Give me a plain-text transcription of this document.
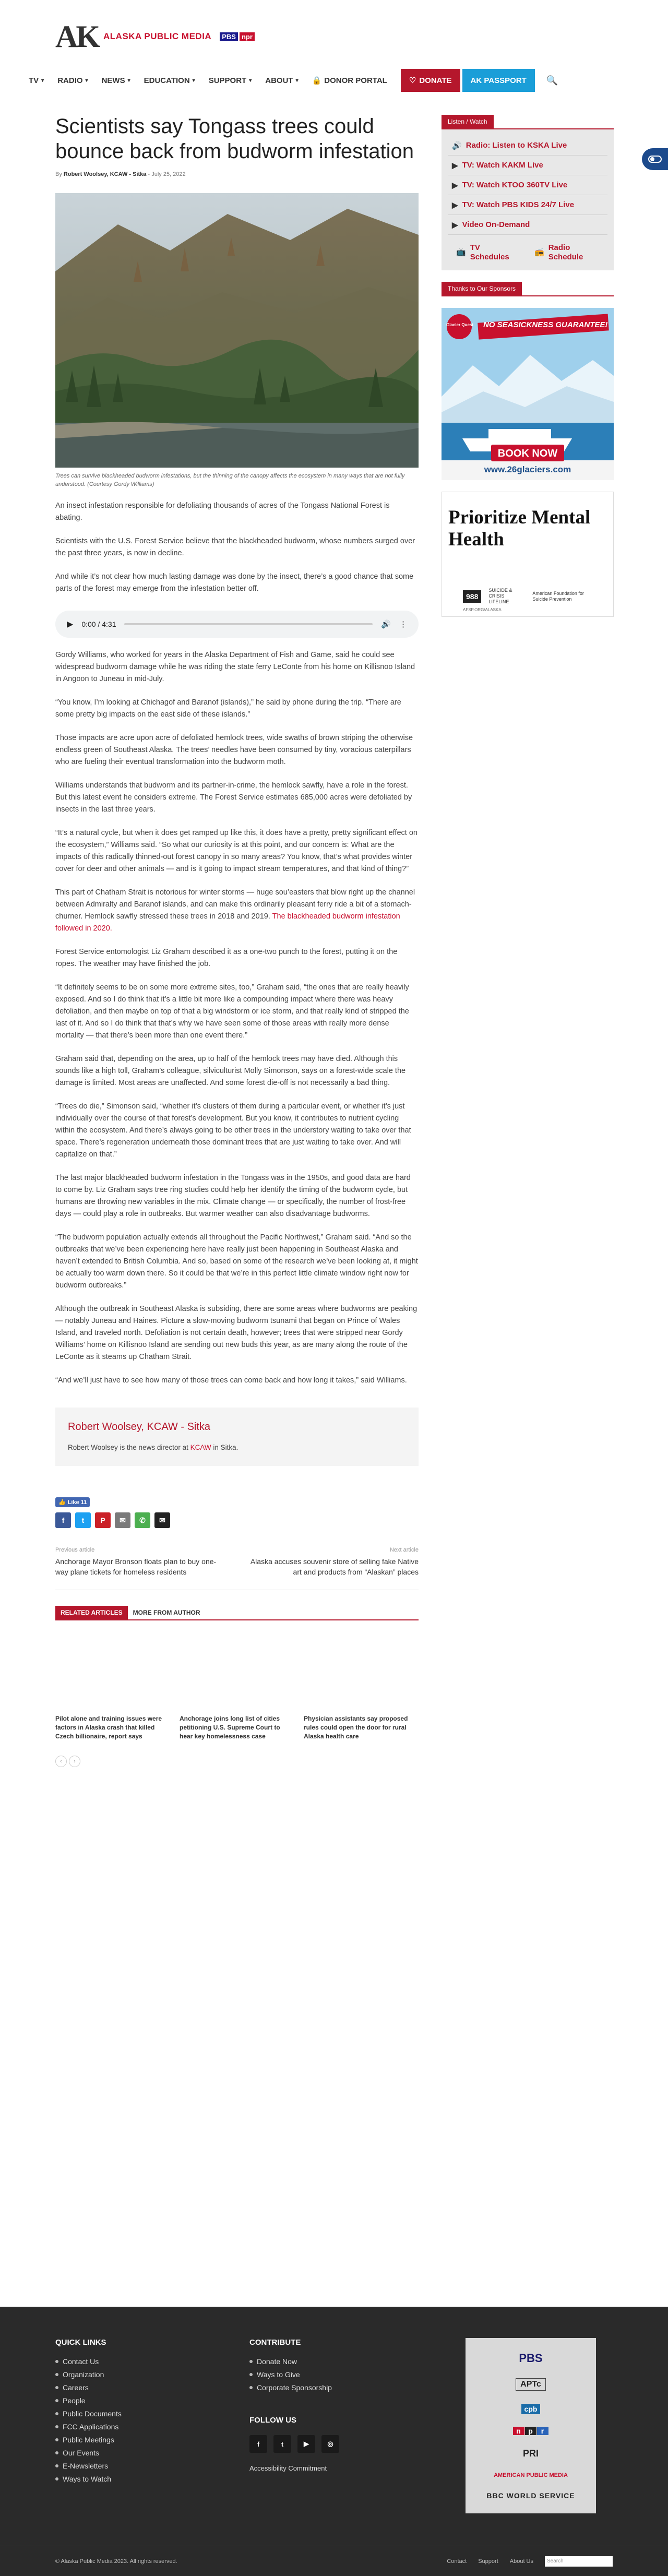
AK ALASKA PUBLIC MEDIA	PBS npr
TV ▾ RADIO ▾ NEWS ▾ EDUCATION ▾ SUPPORT ▾ ABOUT ▾ 🔒 DONOR PORTAL	♡ DONATE	AK PASSPORT	🔍
Scientists say Tongass trees could bounce back from budworm infestation
By Robert Woolsey, KCAW - Sitka - July 25, 2022

Trees can survive blackheaded budworm infestations, but the thinning of the canopy affects the ecosystem in many ways that are not fully understood. (Courtesy Gordy Williams)

An insect infestation responsible for defoliating thousands of acres of the Tongass National Forest is abating.

Scientists with the U.S. Forest Service believe that the blackheaded budworm, whose numbers surged over the past three years, is now in decline.

And while it’s not clear how much lasting damage was done by the insect, there’s a good chance that some parts of the forest may emerge from the infestation better off.

▶ 0:00 / 4:31	🔊 ⋮

Gordy Williams, who worked for years in the Alaska Department of Fish and Game, said he could see widespread budworm damage while he was riding the state ferry LeConte from his home on Killisnoo Island in Angoon to Juneau in mid-July.

“You know, I’m looking at Chichagof and Baranof (islands),” he said by phone during the trip. “There are some pretty big impacts on the east side of these islands.”

Those impacts are acre upon acre of defoliated hemlock trees, wide swaths of brown striping the otherwise endless green of Southeast Alaska. The trees’ needles have been consumed by tiny, voracious caterpillars who are fueling their eventual transformation into the budworm moth.

Williams understands that budworm and its partner-in-crime, the hemlock sawfly, have a role in the forest. But this latest event he considers extreme. The Forest Service estimates 685,000 acres were defoliated by insects in the last three years.

“It’s a natural cycle, but when it does get ramped up like this, it does have a pretty, pretty significant effect on the ecosystem,” Williams said. “So what our curiosity is at this point, and our concern is: What are the impacts of this radically thinned-out forest canopy in so many areas? You know, that’s what provides winter cover for deer and other animals — and is it going to impact stream temperatures, and that kind of thing?”

This part of Chatham Strait is notorious for winter storms — huge sou’easters that blow right up the channel between Admiralty and Baranof islands, and can make this ordinarily pleasant ferry ride a bit of a stomach-churner. Hemlock sawfly stressed these trees in 2018 and 2019. The blackheaded budworm infestation followed in 2020.

Forest Service entomologist Liz Graham described it as a one-two punch to the forest, putting it on the ropes. The weather may have finished the job.

“It definitely seems to be on some more extreme sites, too,” Graham said, “the ones that are really heavily exposed. And so I do think that it’s a little bit more like a compounding impact where there was heavy defoliation, and then maybe on top of that a big windstorm or ice storm, and that really kind of stripped the last of it. And so I do think that that’s why we have seen some of those areas with really more dense mortality — that there’s been more than one event there.”

Graham said that, depending on the area, up to half of the hemlock trees may have died. Although this sounds like a high toll, Graham’s colleague, silviculturist Molly Simonson, says on a forest-wide scale the damage is limited. Most areas are unaffected. And some forest die-off is not necessarily a bad thing.

“Trees do die,” Simonson said, “whether it’s clusters of them during a particular event, or whether it’s just individually over the course of that forest’s development. But you know, it contributes to nutrient cycling within the ecosystem. And there’s always going to be other trees in the understory waiting to take over that space. There’s regeneration underneath those dominant trees that are just waiting to take over. And will capitalize on that.”

The last major blackheaded budworm infestation in the Tongass was in the 1950s, and good data are hard to come by. Liz Graham says tree ring studies could help her identify the timing of the budworm cycle, but humans are throwing new variables in the mix. Climate change — or specifically, the number of frost-free days — could play a role in outbreaks. But warmer weather can also disadvantage budworms.

“The budworm population actually extends all throughout the Pacific Northwest,” Graham said. “And so the outbreaks that we’ve been experiencing here have really just been happening in Southeast Alaska and haven’t extended to British Columbia. And so, based on some of the research we’ve been looking at, it might be actually too warm down there. So it could be that we’re in this perfect little climate window right now for budworm outbreaks.”

Although the outbreak in Southeast Alaska is subsiding, there are some areas where budworms are peaking — notably Juneau and Haines. Picture a slow-moving budworm tsunami that began on Prince of Wales Island, and traveled north. Defoliation is not certain death, however; trees that were stripped near Gordy Williams’ home on Killisnoo Island are sending out new buds this year, as are many along the route of the LeConte as it steams up Chatham Strait.

“And we’ll just have to see how many of those trees can come back and how long it takes,” said Williams.

Robert Woolsey, KCAW - Sitka
Robert Woolsey is the news director at KCAW in Sitka.
👍 Like 11
f	t	P	✉	✆	✉
Previous article
Anchorage Mayor Bronson floats plan to buy one-way plane tickets for homeless residents
Next article
Alaska accuses souvenir store of selling fake Native art and products from “Alaskan” places
RELATED ARTICLES	MORE FROM AUTHOR
Pilot alone and training issues were factors in Alaska crash that killed Czech billionaire, report says
Anchorage joins long list of cities petitioning U.S. Supreme Court to hear key homelessness case
Physician assistants say proposed rules could open the door for rural Alaska health care
‹	›
Listen / Watch
🔊 Radio: Listen to KSKA Live
▶ TV: Watch KAKM Live
▶ TV: Watch KTOO 360TV Live
▶ TV: Watch PBS KIDS 24/7 Live
▶ Video On-Demand
📺
TV Schedules
📻
Radio Schedule
Thanks to Our Sponsors
Glacier Quest NO SEASICKNESS GUARANTEE!
BOOK NOW
www.26glaciers.com
Prioritize Mental Health
988
SUICIDE & CRISIS LIFELINE
American Foundation for Suicide Prevention
AFSP.ORG/ALASKA
QUICK LINKS
Contact Us
Organization
Careers
People
Public Documents
FCC Applications
Public Meetings
Our Events
E-Newsletters
Ways to Watch
CONTRIBUTE
Donate Now
Ways to Give
Corporate Sponsorship
FOLLOW US
f	t	▶	◎
Accessibility Commitment
PBS
APTc
cpb
n p r
PRI
AMERICAN PUBLIC MEDIA
BBC WORLD SERVICE
© Alaska Public Media 2023. All rights reserved.	Contact Support About Us	Search
